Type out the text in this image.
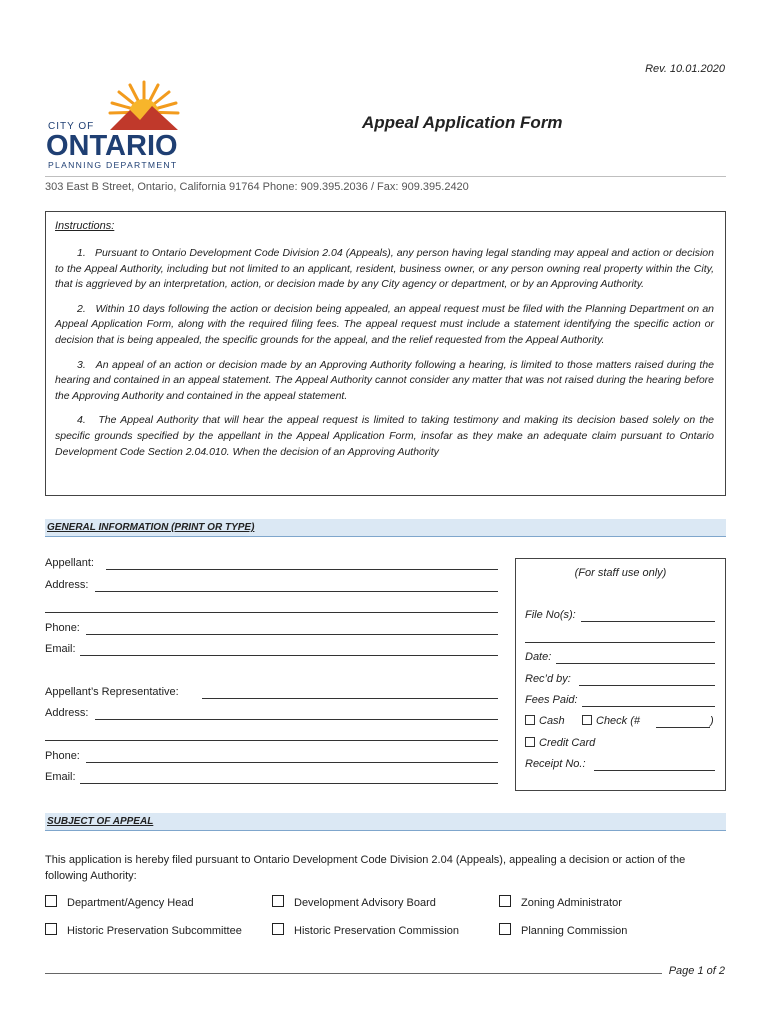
Rev. 10.01.2020
CITY OF
ONTARIO
PLANNING DEPARTMENT
Appeal Application Form
303 East B Street, Ontario, California 91764 Phone: 909.395.2036 / Fax: 909.395.2420
Instructions:

1.   Pursuant to Ontario Development Code Division 2.04 (Appeals), any person having legal standing may appeal and action or decision to the Appeal Authority, including but not limited to an applicant, resident, business owner, or any person owning real property within the City, that is aggrieved by an interpretation, action, or decision made by any City agency or department, or by an Approving Authority.

2.   Within 10 days following the action or decision being appealed, an appeal request must be filed with the Planning Department on an Appeal Application Form, along with the required filing fees. The appeal request must include a statement identifying the specific action or decision that is being appealed, the specific grounds for the appeal, and the relief requested from the Appeal Authority.

3.   An appeal of an action or decision made by an Approving Authority following a hearing, is limited to those matters raised during the hearing and contained in an appeal statement. The Appeal Authority cannot consider any matter that was not raised during the hearing before the Approving Authority and contained in the appeal statement.

4.   The Appeal Authority that will hear the appeal request is limited to taking testimony and making its decision based solely on the specific grounds specified by the appellant in the Appeal Application Form, insofar as they make an adequate claim pursuant to Ontario Development Code Section 2.04.010. When the decision of an Approving Authority

GENERAL INFORMATION (PRINT OR TYPE)
Appellant:
Address:
Phone:
Email:
Appellant’s Representative:
Address:
Phone:
Email:
(For staff use only)
File No(s):
Date:
Rec’d by:
Fees Paid:
Cash	Check (#	)
Credit Card
Receipt No.:
SUBJECT OF APPEAL
This application is hereby filed pursuant to Ontario Development Code Division 2.04 (Appeals), appealing a decision or action of the following Authority:
Department/Agency Head	Development Advisory Board	Zoning Administrator
Historic Preservation Subcommittee	Historic Preservation Commission	Planning Commission
Page 1 of 2
